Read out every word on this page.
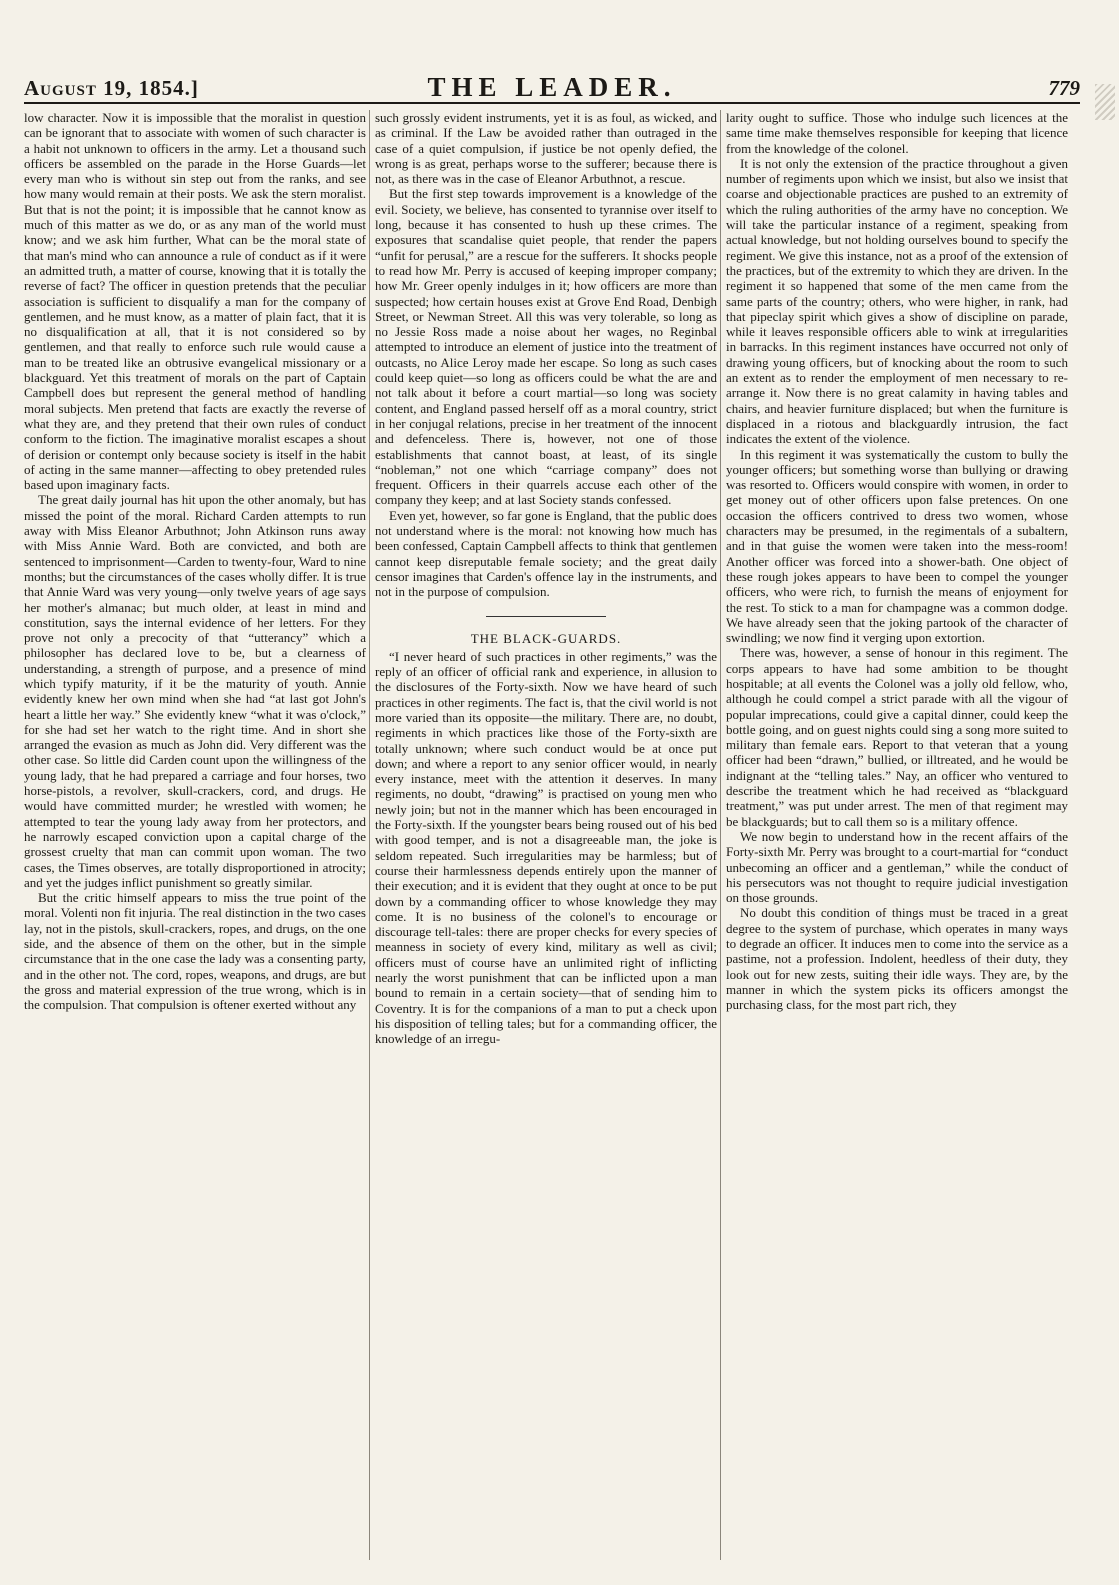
August 19, 1854.]	THE LEADER.	779

low character. Now it is impossible that the moralist in question can be ignorant that to associate with women of such character is a habit not unknown to officers in the army. Let a thousand such officers be assembled on the parade in the Horse Guards—let every man who is without sin step out from the ranks, and see how many would remain at their posts. We ask the stern moralist. But that is not the point; it is impossible that he cannot know as much of this matter as we do, or as any man of the world must know; and we ask him further, What can be the moral state of that man's mind who can announce a rule of conduct as if it were an admitted truth, a matter of course, knowing that it is totally the reverse of fact? The officer in question pretends that the peculiar association is sufficient to disqualify a man for the company of gentlemen, and he must know, as a matter of plain fact, that it is no disqualification at all, that it is not considered so by gentlemen, and that really to enforce such rule would cause a man to be treated like an obtrusive evangelical missionary or a blackguard. Yet this treatment of morals on the part of Captain Campbell does but represent the general method of handling moral subjects. Men pretend that facts are exactly the reverse of what they are, and they pretend that their own rules of conduct conform to the fiction. The imaginative moralist escapes a shout of derision or contempt only because society is itself in the habit of acting in the same manner—affecting to obey pretended rules based upon imaginary facts.

The great daily journal has hit upon the other anomaly, but has missed the point of the moral. Richard Carden attempts to run away with Miss Eleanor Arbuthnot; John Atkinson runs away with Miss Annie Ward. Both are convicted, and both are sentenced to imprisonment—Carden to twenty-four, Ward to nine months; but the circumstances of the cases wholly differ. It is true that Annie Ward was very young—only twelve years of age says her mother's almanac; but much older, at least in mind and constitution, says the internal evidence of her letters. For they prove not only a precocity of that “utterancy” which a philosopher has declared love to be, but a clearness of understanding, a strength of purpose, and a presence of mind which typify maturity, if it be the maturity of youth. Annie evidently knew her own mind when she had “at last got John's heart a little her way.” She evidently knew “what it was o'clock,” for she had set her watch to the right time. And in short she arranged the evasion as much as John did. Very different was the other case. So little did Carden count upon the willingness of the young lady, that he had prepared a carriage and four horses, two horse-pistols, a revolver, skull-crackers, cord, and drugs. He would have committed murder; he wrestled with women; he attempted to tear the young lady away from her protectors, and he narrowly escaped conviction upon a capital charge of the grossest cruelty that man can commit upon woman. The two cases, the Times observes, are totally disproportioned in atrocity; and yet the judges inflict punishment so greatly similar.

But the critic himself appears to miss the true point of the moral. Volenti non fit injuria. The real distinction in the two cases lay, not in the pistols, skull-crackers, ropes, and drugs, on the one side, and the absence of them on the other, but in the simple circumstance that in the one case the lady was a consenting party, and in the other not. The cord, ropes, weapons, and drugs, are but the gross and material expression of the true wrong, which is in the compulsion. That compulsion is oftener exerted without any

such grossly evident instruments, yet it is as foul, as wicked, and as criminal. If the Law be avoided rather than outraged in the case of a quiet compulsion, if justice be not openly defied, the wrong is as great, perhaps worse to the sufferer; because there is not, as there was in the case of Eleanor Arbuthnot, a rescue.

But the first step towards improvement is a knowledge of the evil. Society, we believe, has consented to tyrannise over itself to long, because it has consented to hush up these crimes. The exposures that scandalise quiet people, that render the papers “unfit for perusal,” are a rescue for the sufferers. It shocks people to read how Mr. Perry is accused of keeping improper company; how Mr. Greer openly indulges in it; how officers are more than suspected; how certain houses exist at Grove End Road, Denbigh Street, or Newman Street. All this was very tolerable, so long as no Jessie Ross made a noise about her wages, no Reginbal attempted to introduce an element of justice into the treatment of outcasts, no Alice Leroy made her escape. So long as such cases could keep quiet—so long as officers could be what the are and not talk about it before a court martial—so long was society content, and England passed herself off as a moral country, strict in her conjugal relations, precise in her treatment of the innocent and defenceless. There is, however, not one of those establishments that cannot boast, at least, of its single “nobleman,” not one which “carriage company” does not frequent. Officers in their quarrels accuse each other of the company they keep; and at last Society stands confessed.

Even yet, however, so far gone is England, that the public does not understand where is the moral: not knowing how much has been confessed, Captain Campbell affects to think that gentlemen cannot keep disreputable female society; and the great daily censor imagines that Carden's offence lay in the instruments, and not in the purpose of compulsion.

THE BLACK-GUARDS.

“I never heard of such practices in other regiments,” was the reply of an officer of official rank and experience, in allusion to the disclosures of the Forty-sixth. Now we have heard of such practices in other regiments. The fact is, that the civil world is not more varied than its opposite—the military. There are, no doubt, regiments in which practices like those of the Forty-sixth are totally unknown; where such conduct would be at once put down; and where a report to any senior officer would, in nearly every instance, meet with the attention it deserves. In many regiments, no doubt, “drawing” is practised on young men who newly join; but not in the manner which has been encouraged in the Forty-sixth. If the youngster bears being roused out of his bed with good temper, and is not a disagreeable man, the joke is seldom repeated. Such irregularities may be harmless; but of course their harmlessness depends entirely upon the manner of their execution; and it is evident that they ought at once to be put down by a commanding officer to whose knowledge they may come. It is no business of the colonel's to encourage or discourage tell-tales: there are proper checks for every species of meanness in society of every kind, military as well as civil; officers must of course have an unlimited right of inflicting nearly the worst punishment that can be inflicted upon a man bound to remain in a certain society—that of sending him to Coventry. It is for the companions of a man to put a check upon his disposition of telling tales; but for a commanding officer, the knowledge of an irregu-

larity ought to suffice. Those who indulge such licences at the same time make themselves responsible for keeping that licence from the knowledge of the colonel.

It is not only the extension of the practice throughout a given number of regiments upon which we insist, but also we insist that coarse and objectionable practices are pushed to an extremity of which the ruling authorities of the army have no conception. We will take the particular instance of a regiment, speaking from actual knowledge, but not holding ourselves bound to specify the regiment. We give this instance, not as a proof of the extension of the practices, but of the extremity to which they are driven. In the regiment it so happened that some of the men came from the same parts of the country; others, who were higher, in rank, had that pipeclay spirit which gives a show of discipline on parade, while it leaves responsible officers able to wink at irregularities in barracks. In this regiment instances have occurred not only of drawing young officers, but of knocking about the room to such an extent as to render the employment of men necessary to re-arrange it. Now there is no great calamity in having tables and chairs, and heavier furniture displaced; but when the furniture is displaced in a riotous and blackguardly intrusion, the fact indicates the extent of the violence.

In this regiment it was systematically the custom to bully the younger officers; but something worse than bullying or drawing was resorted to. Officers would conspire with women, in order to get money out of other officers upon false pretences. On one occasion the officers contrived to dress two women, whose characters may be presumed, in the regimentals of a subaltern, and in that guise the women were taken into the mess-room! Another officer was forced into a shower-bath. One object of these rough jokes appears to have been to compel the younger officers, who were rich, to furnish the means of enjoyment for the rest. To stick to a man for champagne was a common dodge. We have already seen that the joking partook of the character of swindling; we now find it verging upon extortion.

There was, however, a sense of honour in this regiment. The corps appears to have had some ambition to be thought hospitable; at all events the Colonel was a jolly old fellow, who, although he could compel a strict parade with all the vigour of popular imprecations, could give a capital dinner, could keep the bottle going, and on guest nights could sing a song more suited to military than female ears. Report to that veteran that a young officer had been “drawn,” bullied, or illtreated, and he would be indignant at the “telling tales.” Nay, an officer who ventured to describe the treatment which he had received as “blackguard treatment,” was put under arrest. The men of that regiment may be blackguards; but to call them so is a military offence.

We now begin to understand how in the recent affairs of the Forty-sixth Mr. Perry was brought to a court-martial for “conduct unbecoming an officer and a gentleman,” while the conduct of his persecutors was not thought to require judicial investigation on those grounds.

No doubt this condition of things must be traced in a great degree to the system of purchase, which operates in many ways to degrade an officer. It induces men to come into the service as a pastime, not a profession. Indolent, heedless of their duty, they look out for new zests, suiting their idle ways. They are, by the manner in which the system picks its officers amongst the purchasing class, for the most part rich, they
